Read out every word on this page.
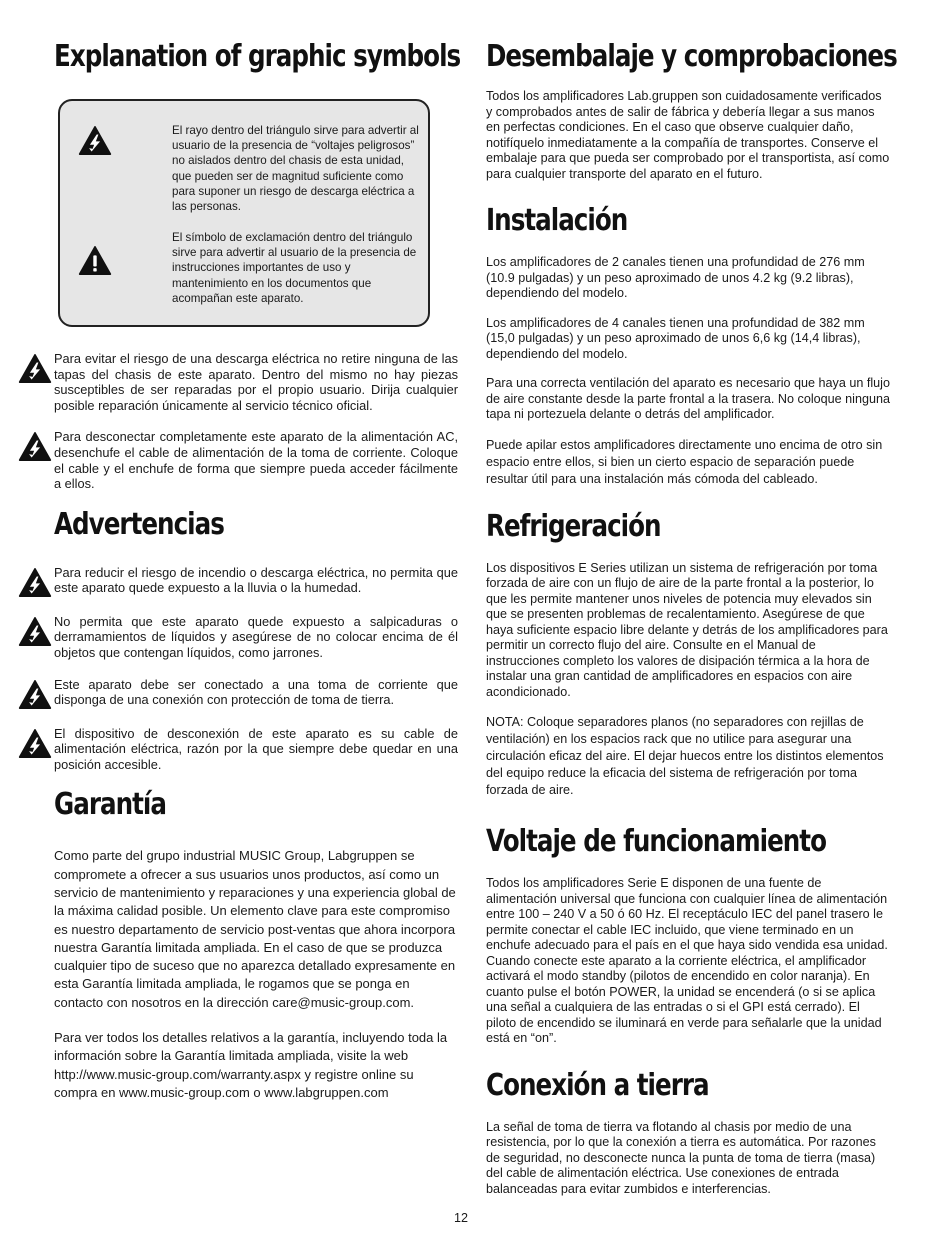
Explanation of graphic symbols

El rayo dentro del triángulo sirve para advertir al usuario de la presencia de “voltajes peligrosos” no aislados dentro del chasis de esta unidad, que pueden ser de magnitud suficiente como para suponer un riesgo de descarga eléctrica a las personas.

El símbolo de exclamación dentro del triángulo sirve para advertir al usuario de la presencia de instrucciones importantes de uso y mantenimiento en los documentos que acompañan este aparato.

Para evitar el riesgo de una descarga eléctrica no retire ninguna de las tapas del chasis de este aparato. Dentro del mismo no hay piezas susceptibles de ser reparadas por el propio usuario. Dirija cualquier posible reparación únicamente al servicio técnico oficial.

Para desconectar completamente este aparato de la alimentación AC, desenchufe el cable de alimentación de la toma de corriente. Coloque el cable y el enchufe de forma que siempre pueda acceder fácilmente a ellos.

Advertencias

Para reducir el riesgo de incendio o descarga eléctrica, no permita que este aparato quede expuesto a la lluvia o la humedad.

No permita que este aparato quede expuesto a salpicaduras o derramamientos de líquidos y asegúrese de no colocar encima de él objetos que contengan líquidos, como jarrones.

Este aparato debe ser conectado a una toma de corriente que disponga de una conexión con protección de toma de tierra.

El dispositivo de desconexión de este aparato es su cable de alimentación eléctrica, razón por la que siempre debe quedar en una posición accesible.

Garantía

Como parte del grupo industrial MUSIC Group, Labgruppen se compromete a ofrecer a sus usuarios unos productos, así como un servicio de mantenimiento y reparaciones y una experiencia global de la máxima calidad posible. Un elemento clave para este compromiso es nuestro departamento de servicio post-ventas que ahora incorpora nuestra Garantía limitada ampliada. En el caso de que se produzca cualquier tipo de suceso que no aparezca detallado expresamente en esta Garantía limitada ampliada, le rogamos que se ponga en contacto con nosotros en la dirección care@music-group.com.

Para ver todos los detalles relativos a la garantía, incluyendo toda la información sobre la Garantía limitada ampliada, visite la web http://www.music-group.com/warranty.aspx y registre online su compra en www.music-group.com o www.labgruppen.com

Desembalaje y comprobaciones

Todos los amplificadores Lab.gruppen son cuidadosamente verificados y comprobados antes de salir de fábrica y debería llegar a sus manos en perfectas condiciones. En el caso que observe cualquier daño, notifíquelo inmediatamente a la compañía de transportes. Conserve el embalaje para que pueda ser comprobado por el transportista, así como para cualquier transporte del aparato en el futuro.

Instalación

Los amplificadores de 2 canales tienen una profundidad de 276 mm (10.9 pulgadas) y un peso aproximado de unos 4.2 kg (9.2 libras), dependiendo del modelo.

Los amplificadores de 4 canales tienen una profundidad de 382 mm (15,0 pulgadas) y un peso aproximado de unos 6,6 kg (14,4 libras), dependiendo del modelo.

Para una correcta ventilación del aparato es necesario que haya un flujo de aire constante desde la parte frontal a la trasera. No coloque ninguna tapa ni portezuela delante o detrás del amplificador.

Puede apilar estos amplificadores directamente uno encima de otro sin espacio entre ellos, si bien un cierto espacio de separación puede resultar útil para una instalación más cómoda del cableado.

Refrigeración

Los dispositivos E Series utilizan un sistema de refrigeración por toma forzada de aire con un flujo de aire de la parte frontal a la posterior, lo que les permite mantener unos niveles de potencia muy elevados sin que se presenten problemas de recalentamiento. Asegúrese de que haya suficiente espacio libre delante y detrás de los amplificadores para permitir un correcto flujo del aire. Consulte en el Manual de instrucciones completo los valores de disipación térmica a la hora de instalar una gran cantidad de amplificadores en espacios con aire acondicionado.

NOTA: Coloque separadores planos (no separadores con rejillas de ventilación) en los espacios rack que no utilice para asegurar una circulación eficaz del aire. El dejar huecos entre los distintos elementos del equipo reduce la eficacia del sistema de refrigeración por toma forzada de aire.

Voltaje de funcionamiento

Todos los amplificadores Serie E disponen de una fuente de alimentación universal que funciona con cualquier línea de alimentación entre 100 – 240 V a 50 ó 60 Hz. El receptáculo IEC del panel trasero le permite conectar el cable IEC incluido, que viene terminado en un enchufe adecuado para el país en el que haya sido vendida esa unidad. Cuando conecte este aparato a la corriente eléctrica, el amplificador activará el modo standby (pilotos de encendido en color naranja). En cuanto pulse el botón POWER, la unidad se encenderá (o si se aplica una señal a cualquiera de las entradas o si el GPI está cerrado). El piloto de encendido se iluminará en verde para señalarle que la unidad está en “on”.

Conexión a tierra

La señal de toma de tierra va flotando al chasis por medio de una resistencia, por lo que la conexión a tierra es automática. Por razones de seguridad, no desconecte nunca la punta de toma de tierra (masa) del cable de alimentación eléctrica. Use conexiones de entrada balanceadas para evitar zumbidos e interferencias.

12
